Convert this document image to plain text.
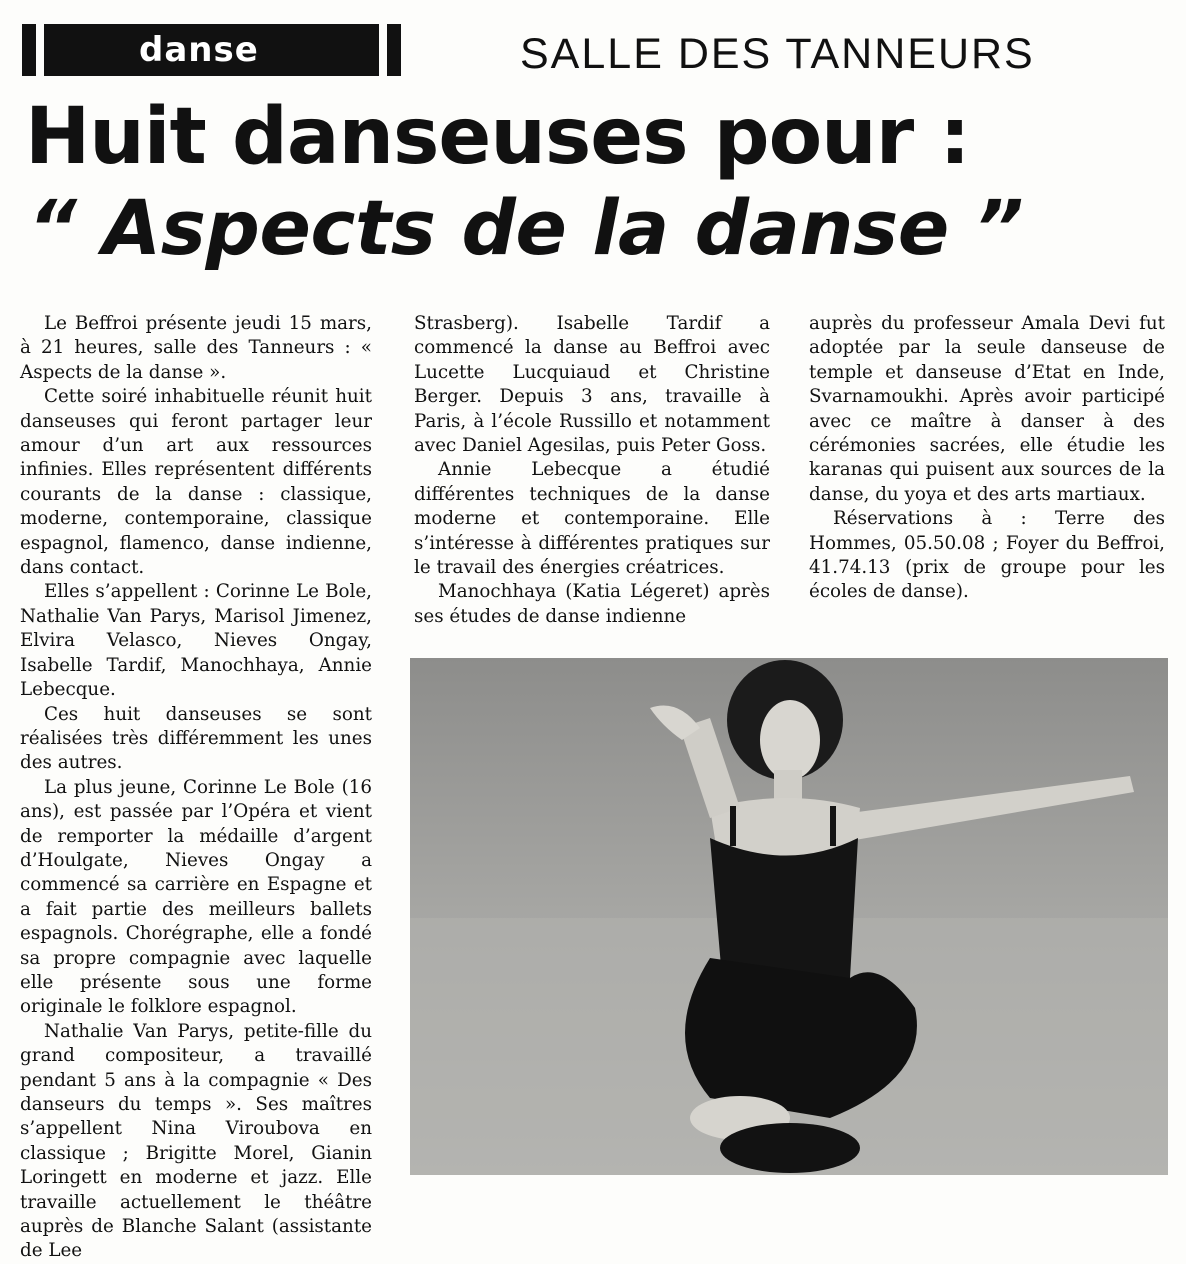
danse	SALLE DES TANNEURS
Huit danseuses pour :
“ Aspects de la danse ”

Le Beffroi présente jeudi 15 mars, à 21 heures, salle des Tanneurs : « Aspects de la danse ».

Cette soiré inhabituelle réunit huit danseuses qui feront partager leur amour d’un art aux ressources infinies. Elles représentent différents courants de la danse : classique, moderne, contemporaine, classique espagnol, flamenco, danse indienne, dans contact.

Elles s’appellent : Corinne Le Bole, Nathalie Van Parys, Marisol Jimenez, Elvira Velasco, Nieves Ongay, Isabelle Tardif, Manochhaya, Annie Lebecque.

Ces huit danseuses se sont réalisées très différemment les unes des autres.

La plus jeune, Corinne Le Bole (16 ans), est passée par l’Opéra et vient de remporter la médaille d’argent d’Houlgate, Nieves Ongay a commencé sa carrière en Espagne et a fait partie des meilleurs ballets espagnols. Chorégraphe, elle a fondé sa propre compagnie avec laquelle elle présente sous une forme originale le folklore espagnol.

Nathalie Van Parys, petite-fille du grand compositeur, a travaillé pendant 5 ans à la compagnie « Des danseurs du temps ». Ses maîtres s’appellent Nina Viroubova en classique ; Brigitte Morel, Gianin Loringett en moderne et jazz. Elle travaille actuellement le théâtre auprès de Blanche Salant (assistante de Lee

Strasberg). Isabelle Tardif a commencé la danse au Beffroi avec Lucette Lucquiaud et Christine Berger. Depuis 3 ans, travaille à Paris, à l’école Russillo et notamment avec Daniel Agesilas, puis Peter Goss.

Annie Lebecque a étudié différentes techniques de la danse moderne et contemporaine. Elle s’intéresse à différentes pratiques sur le travail des énergies créatrices.

Manochhaya (Katia Légeret) après ses études de danse indienne

auprès du professeur Amala Devi fut adoptée par la seule danseuse de temple et danseuse d’Etat en Inde, Svarnamoukhi. Après avoir participé avec ce maître à danser à des cérémonies sacrées, elle étudie les karanas qui puisent aux sources de la danse, du yoya et des arts martiaux.

Réservations à : Terre des Hommes, 05.50.08 ; Foyer du Beffroi, 41.74.13 (prix de groupe pour les écoles de danse).
